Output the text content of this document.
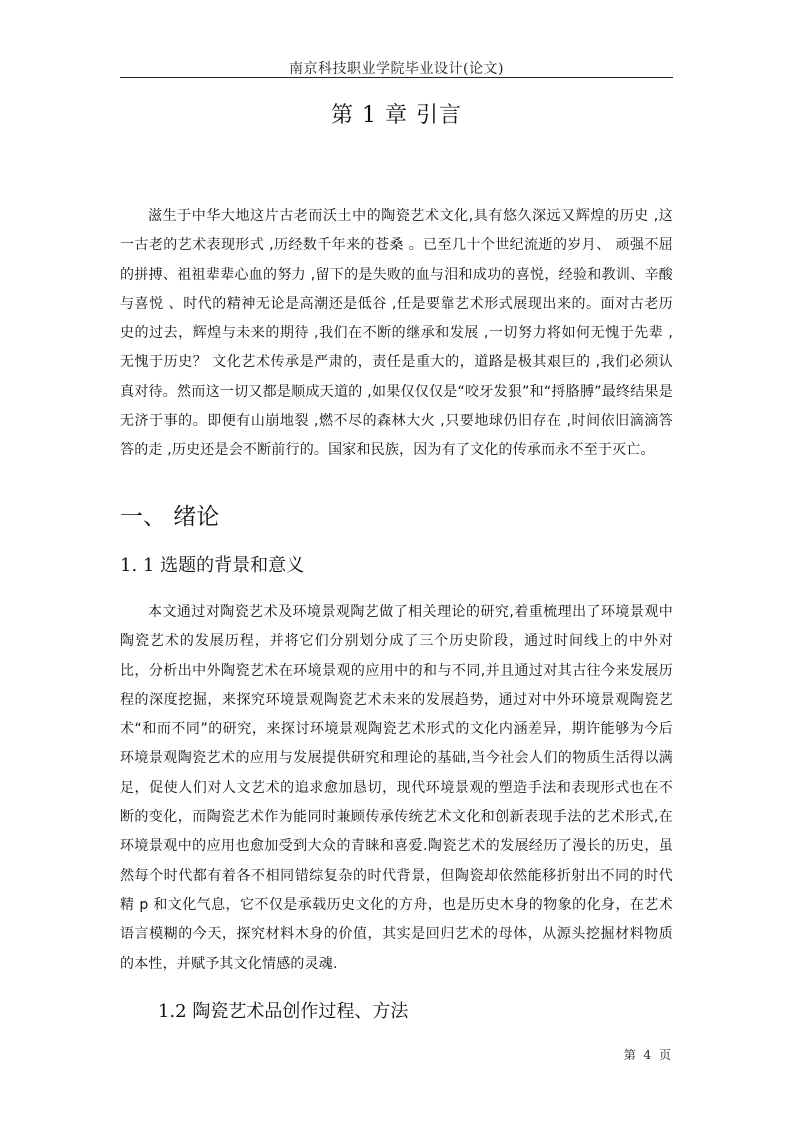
南京科技职业学院毕业设计(论文)
第 1 章 引言

滋生于中华大地这片古老而沃土中的陶瓷艺术文化,具有悠久深远又辉煌的历史 ,这一古老的艺术表现形式 ,历经数千年来的苍桑 。已至几十个世纪流逝的岁月、 顽强不屈的拼搏、祖祖辈辈心血的努力 ,留下的是失败的血与泪和成功的喜悦，经验和教训、辛酸与喜悦 、时代的精神无论是高潮还是低谷 ,任是要靠艺术形式展现出来的。面对古老历史的过去，辉煌与未来的期待 ,我们在不断的继承和发展 ,一切努力将如何无愧于先辈 ,无愧于历史？ 文化艺术传承是严肃的，责任是重大的，道路是极其艰巨的 ,我们必须认真对待。然而这一切又都是顺成天道的 ,如果仅仅仅是“咬牙发狠”和“捋胳膊”最终结果是无济于事的。即便有山崩地裂 ,燃不尽的森林大火 ,只要地球仍旧存在 ,时间依旧滴滴答答的走 ,历史还是会不断前行的。国家和民族，因为有了文化的传承而永不至于灭亡。

一、 绪论
1. 1 选题的背景和意义

本文通过对陶瓷艺术及环境景观陶艺做了相关理论的研究,着重梳理出了环境景观中陶瓷艺术的发展历程，并将它们分别划分成了三个历史阶段，通过时间线上的中外对比，分析出中外陶瓷艺术在环境景观的应用中的和与不同,并且通过对其古往今来发展历程的深度挖掘，来探究环境景观陶瓷艺术未来的发展趋势，通过对中外环境景观陶瓷艺术“和而不同”的研究，来探讨环境景观陶瓷艺术形式的文化内涵差异，期许能够为今后环境景观陶瓷艺术的应用与发展提供研究和理论的基础,当今社会人们的物质生活得以满足，促使人们对人文艺术的追求愈加恳切，现代环境景观的塑造手法和表现形式也在不断的变化，而陶瓷艺术作为能同时兼顾传承传统艺术文化和创新表现手法的艺术形式,在环境景观中的应用也愈加受到大众的青睐和喜爱.陶瓷艺术的发展经历了漫长的历史，虽然每个时代都有着各不相同错综复杂的时代背景，但陶瓷却依然能移折射出不同的时代精 p 和文化气息，它不仅是承载历史文化的方舟，也是历史木身的物象的化身，在艺术语言模糊的今天，探究材料木身的价值，其实是回归艺术的母体，从源头挖掘材料物质的本性，并赋予其文化情感的灵魂.

1.2 陶瓷艺术品创作过程、方法
第 4 页
